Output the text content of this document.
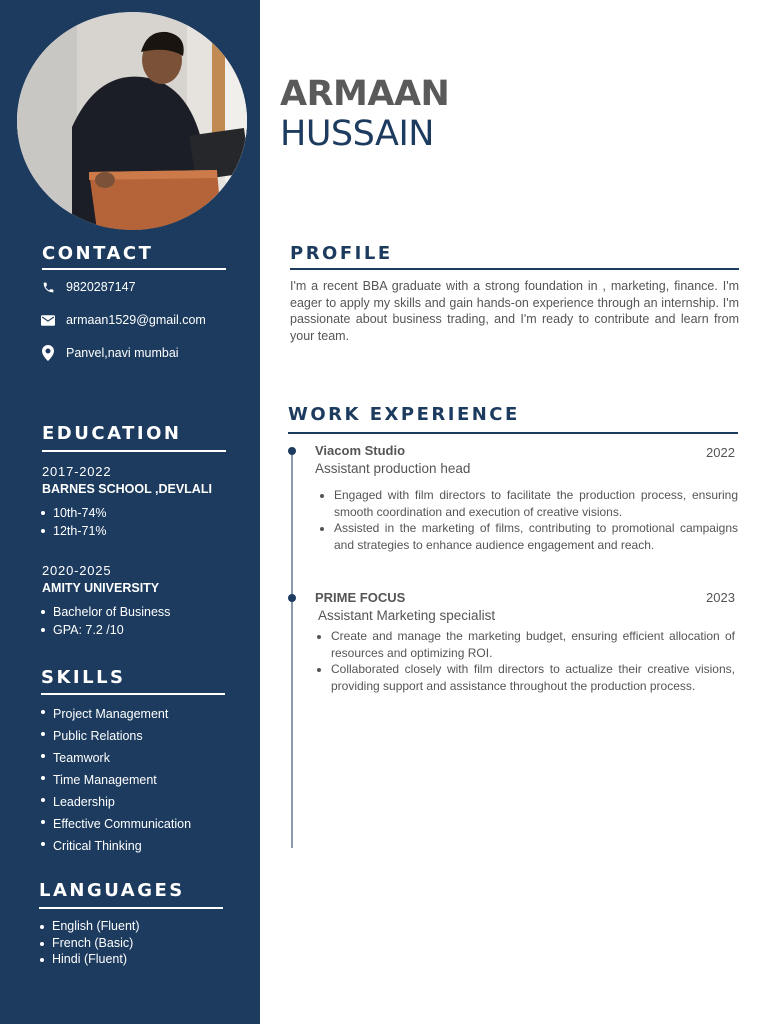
CONTACT
9820287147
armaan1529@gmail.com
Panvel,navi mumbai
EDUCATION
2017-2022
BARNES SCHOOL ,DEVLALI
10th-74%
12th-71%
2020-2025
AMITY UNIVERSITY
Bachelor of Business
GPA: 7.2 /10
SKILLS
Project Management
Public Relations
Teamwork
Time Management
Leadership
Effective Communication
Critical Thinking
LANGUAGES
English (Fluent)
French (Basic)
Hindi (Fluent)
ARMAAN
HUSSAIN
PROFILE
I'm a recent BBA graduate with a strong foundation in , marketing, finance. I'm eager to apply my skills and gain hands-on experience through an internship. I'm passionate about business trading, and I'm ready to contribute and learn from your team.
WORK EXPERIENCE
Viacom Studio	2022
Assistant production head
Engaged with film directors to facilitate the production process, ensuring smooth coordination and execution of creative visions.
Assisted in the marketing of films, contributing to promotional campaigns and strategies to enhance audience engagement and reach.
PRIME FOCUS	2023
Assistant Marketing specialist
Create and manage the marketing budget, ensuring efficient allocation of resources and optimizing ROI.
Collaborated closely with film directors to actualize their creative visions, providing support and assistance throughout the production process.
